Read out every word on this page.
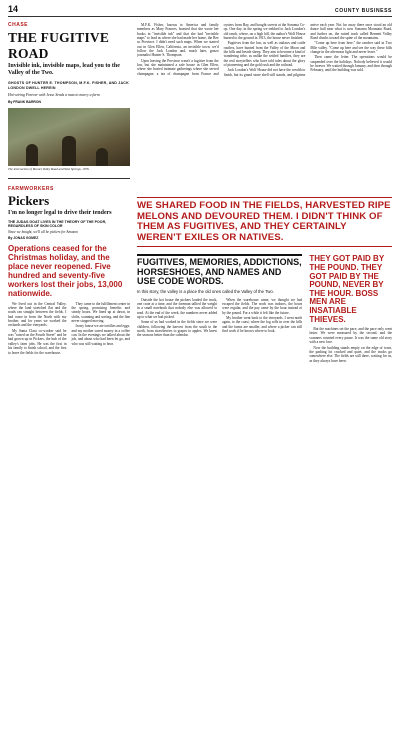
14	COUNTY BUSINESS
CHASE
THE FUGITIVE ROAD
Invisible ink, invisible maps, lead you to the Valley of the Two.
GHOSTS OF HUNTER E. THOMPSON, M.F.K. FISHER, AND JACK LONDON DWELL HEREIN
Hot-wiring Forever with Jesse Sends a man to marry a farm
By FRANK BARRON
The intersection of Bonnet Valley Road and West Springs, 1976.
FARMWORKERS
Pickers
I'm no longer legal to drive their tenders
THE JUDAS GOAT LIVES IN THE THEORY OF THE POOR, REGARDLESS OF SKIN COLOR
Since we bought, we'll all be pickers for Amazon
By JONAS GOMEZ
Operations ceased for the Christmas holiday, and the place never reopened. Five hundred and seventy-five workers lost their jobs, 13,000 nationwide.

We lived out in the Central Valley, where the land stretched flat and the roads ran straight between the fields. I had come in from the North with my brother, and for years we worked the orchards and the vineyards.

My Santa Clara co-worker said he was "raised on the Fourth Street" and he had grown up in Pickers, the hub of the valley's farm jobs. He was the first in his family to finish school, and the first to leave the fields for the warehouse.

They came to the fulfillment center in the spring, promising benefits and steady hours. We lined up at dawn, in shifts, scanning and sorting, and the line never stopped moving.

In my house we ate tortillas and eggs, and my mother saved money in a coffee can. In the evenings we talked about the job, and about who had been let go, and who was still waiting to hear.

M.F.K. Fisher, known to America and family members as Mary Frances, boasted that she wrote her books in "invisible ink" and that she had "invisible maps" to lead us where she had made her home, the Ree so Province. I didn't need such maps. When we started out in Glen Ellen, California, an invisible town, we'd follow the Jack London and, much later, gonzo journalist Hunter S. Thompson.

Upon leaving the Province wasn't a fugitive from the law, but she maintained a safe house in Glen Ellen, where she hosted intimate gatherings where she served champagne, a tea of champagne from France and oysters from Bay, and bought sweets at the Sonoma Co-op. One day, in the spring we trekked to Jack London's old ranch, where, on a high hill, the author's Wolf House burned to the ground in 1913, the house never finished.

Fugitives from the law, as well as outlaws and cattle rustlers, have hunted from the Valley of the Moon and the hills and beside sheep. They aim to become a kind of wandering tribe, as unlike the settled families, they are the real storytellers who have told tales about the glory of pioneering and the gold rush and the railroad.

Jack London's Wolf House did not have the wealth to finish, but its grand stone shell still stands, and pilgrims arrive each year. Not far away there once stood an old dance hall near what is now Sonoma Mountain Road, and further on, the rutted track called Bennett Valley Road climbs toward the spine of the mountains.

"Come up here from here," the rancher said in Two Mile valley. "Come up here and see the way these hills change in the afternoon light and never leave."

Then came the letter. The operations would be suspended over the holidays. Nobody believed it would be forever. We waited through January, and then through February, until the building was sold.

WE SHARED FOOD IN THE FIELDS, HARVESTED RIPE MELONS AND DEVOURED THEM. I DIDN'T THINK OF THEM AS FUGITIVES, AND THEY CERTAINLY WEREN'T EXILES OR NATIVES.
FUGITIVES, MEMORIES, ADDICTIONS, HORSESHOES, AND NAMES AND USE CODE WORDS.
In this story, the valley is a place the old ones called the Valley of the Two.

Outside the hot house the pickers loaded the truck, one crate at a time, and the foreman tallied the weight in a small notebook that nobody else was allowed to read. At the end of the week, the numbers never added up to what we had picked.

Some of us had worked in the fields since we were children, following the harvest from the south to the north, from strawberries to grapes to apples. We knew the seasons better than the calendar.

When the warehouse came, we thought we had escaped the fields. The work was indoors, the hours were regular, and the pay came by the hour instead of by the pound. For a while it felt like the future.

My brother went back to the vineyards. I went north again, to the coast, where the fog rolls in over the hills and the farms are smaller, and where a picker can still find work if he knows where to look.

THEY GOT PAID BY THE POUND. THEY GOT PAID BY THE POUND, NEVER BY THE HOUR. BOSS MEN ARE INSATIABLE THIEVES.

But the machines set the pace, and the pace only went faster. We were measured by the second, and the scanners counted every pause. It was the same old story with a new face.

Now the building stands empty on the edge of town, the parking lot cracked and quiet, and the trucks go somewhere else. The fields are still there, waiting for us, as they always have been.
